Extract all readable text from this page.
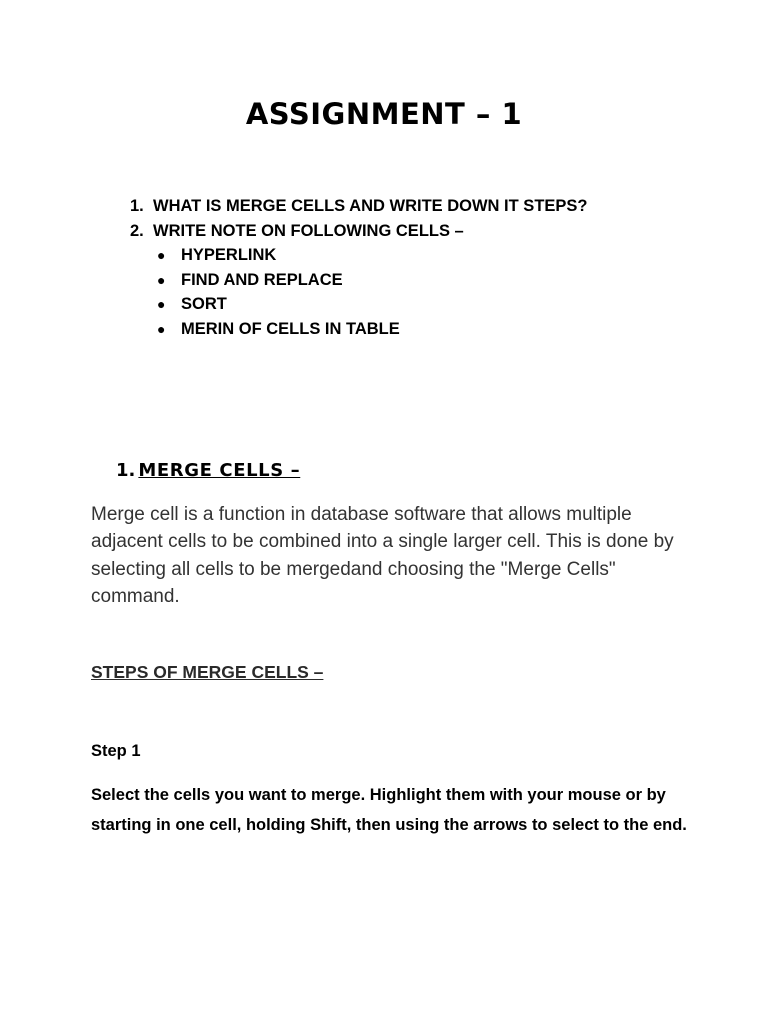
ASSIGNMENT – 1
1. WHAT IS MERGE CELLS AND WRITE DOWN IT STEPS?
2. WRITE NOTE ON FOLLOWING CELLS –
● HYPERLINK
● FIND AND REPLACE
● SORT
● MERIN OF CELLS IN TABLE
1. MERGE CELLS –
Merge cell is a function in database software that allows multiple adjacent cells to be combined into a single larger cell. This is done by selecting all cells to be mergedand choosing the "Merge Cells" command.
STEPS OF MERGE CELLS –
Step 1
Select the cells you want to merge. Highlight them with your mouse or by starting in one cell, holding Shift, then using the arrows to select to the end.
